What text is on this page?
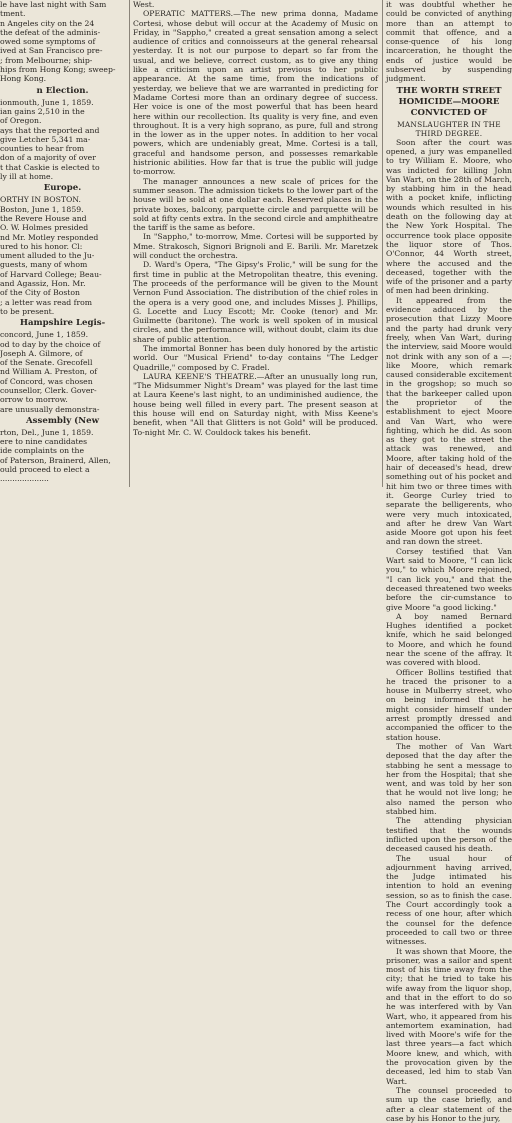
le have last night with Sam

tment.

n Angeles city on the 24

the defeat of the adminis-

owed some symptoms of

ived at San Francisco pre-

; from Melbourne; ship-

hips from Hong Kong; sweep-

Hong Kong.

n Election.

ionmouth, June 1, 1859.

ian gains 2,510 in the

of Oregon.

ays that the reported and

give Letcher 5,341 ma-

counties to hear from

don of a majority of over

t that Caskie is elected to

ly ill at home.

Europe.

ORTHY IN BOSTON.

Boston, June 1, 1859.

the Revere House and

O. W. Holmes presided

nd Mr. Motley responded

ured to his honor. Cl:

ument alluded to the Ju-

guests, many of whom

of Harvard College; Beau-

and Agassiz, Hon. Mr.

of the City of Boston

; a letter was read from

to be present.

Hampshire Legis-

concord, June 1, 1859.

od to day by the choice of

Joseph A. Gilmore, of

of the Senate. Grecofell

nd William A. Preston, of

of Concord, was chosen

counsellor, Clerk. Gover-

orrow to morrow.

are unusually demonstra-

Assembly (New

rton, Del., June 1, 1859.

ere to nine candidates

ide complaints on the

of Paterson, Brainerd, Allen,

ould proceed to elect a

....................

West.

OPERATIC MATTERS.—The new prima donna, Madame Cortesi, whose debut will occur at the Academy of Music on Friday, in "Sappho," created a great sensation among a select audience of critics and connoisseurs at the general rehearsal yesterday. It is not our purpose to depart so far from the usual, and we believe, correct custom, as to give any thing like a criticism upon an artist previous to her public appearance. At the same time, from the indications of yesterday, we believe that we are warranted in predicting for Madame Cortesi more than an ordinary degree of success. Her voice is one of the most powerful that has been heard here within our recollection. Its quality is very fine, and even throughout. It is a very high soprano, as pure, full and strong in the lower as in the upper notes. In addition to her vocal powers, which are undeniably great, Mme. Cortesi is a tall, graceful and handsome person, and possesses remarkable histrionic abilities. How far that is true the public will judge to-morrow.

The manager announces a new scale of prices for the summer season. The admission tickets to the lower part of the house will be sold at one dollar each. Reserved places in the private boxes, balcony, parquette circle and parquette will be sold at fifty cents extra. In the second circle and amphitheatre the tariff is the same as before.

In "Sappho," to-morrow, Mme. Cortesi will be supported by Mme. Strakosch, Signori Brignoli and E. Barili. Mr. Maretzek will conduct the orchestra.

D. Ward's Opera, "The Gipsy's Frolic," will be sung for the first time in public at the Metropolitan theatre, this evening. The proceeds of the performance will be given to the Mount Vernon Fund Association. The distribution of the chief roles in the opera is a very good one, and includes Misses J. Phillips, G. Locette and Lucy Escott; Mr. Cooke (tenor) and Mr. Guilmette (baritone). The work is well spoken of in musical circles, and the performance will, without doubt, claim its due share of public attention.

The immortal Bonner has been duly honored by the artistic world. Our "Musical Friend" to-day contains "The Ledger Quadrille," composed by C. Fradel.

LAURA KEENE'S THEATRE.—After an unusually long run, "The Midsummer Night's Dream" was played for the last time at Laura Keene's last night, to an undiminished audience, the house being well filled in every part. The present season at this house will end on Saturday night, with Miss Keene's benefit, when "All that Glitters is not Gold" will be produced. To-night Mr. C. W. Couldock takes his benefit.

it was doubtful whether he could be convicted of anything more than an attempt to commit that offence, and a conse-quence of his long incarceration, he thought the ends of justice would be subserved by suspending judgment.

THE WORTH STREET HOMICIDE—MOORE CONVICTED OF

MANSLAUGHTER IN THE THIRD DEGREE.

Soon after the court was opened, a jury was empanelled to try William E. Moore, who was indicted for killing John Van Wart, on the 28th of March, by stabbing him in the head with a pocket knife, inflicting wounds which resulted in his death on the following day at the New York Hospital. The occurrence took place opposite the liquor store of Thos. O'Connor, 44 Worth street, where the accused and the deceased, together with the wife of the prisoner and a party of men had been drinking.

It appeared from the evidence adduced by the prosecution that Lizzy Moore and the party had drunk very freely, when Van Wart, during the interview, said Moore would not drink with any son of a —; like Moore, which remark caused considerable excitement in the grogshop; so much so that the barkeeper called upon the proprietor of the establishment to eject Moore and Van Wart, who were fighting, which he did. As soon as they got to the street the attack was renewed, and Moore, after taking hold of the hair of deceased's head, drew something out of his pocket and hit him two or three times with it. George Curley tried to separate the belligerents, who were very much intoxicated, and after he drew Van Wart aside Moore got upon his feet and ran down the street.

Corsey testified that Van Wart said to Moore, "I can lick you," to which Moore rejoined, "I can lick you," and that the deceased threatened two weeks before the cir-cumstance to give Moore "a good licking."

A boy named Bernard Hughes identified a pocket knife, which he said belonged to Moore, and which he found near the scene of the affray. It was covered with blood.

Officer Bollins testified that he traced the prisoner to a house in Mulberry street, who on being informed that he might consider himself under arrest promptly dressed and accompanied the officer to the station house.

The mother of Van Wart deposed that the day after the stabbing he sent a message to her from the Hospital; that she went, and was told by her son that he would not live long; he also named the person who stabbed him.

The attending physician testified that the wounds inflicted upon the person of the deceased caused his death.

The usual hour of adjournment having arrived, the Judge intimated his intention to hold an evening session, so as to finish the case. The Court accordingly took a recess of one hour, after which the counsel for the defence proceeded to call two or three witnesses.

It was shown that Moore, the prisoner, was a sailor and spent most of his time away from the city; that he tried to take his wife away from the liquor shop, and that in the effort to do so he was interfered with by Van Wart, who, it appeared from his antemortem examination, had lived with Moore's wife for the last three years—a fact which Moore knew, and which, with the provocation given by the deceased, led him to stab Van Wart.

The counsel proceeded to sum up the case briefly, and after a clear statement of the case by his Honor to the jury,
